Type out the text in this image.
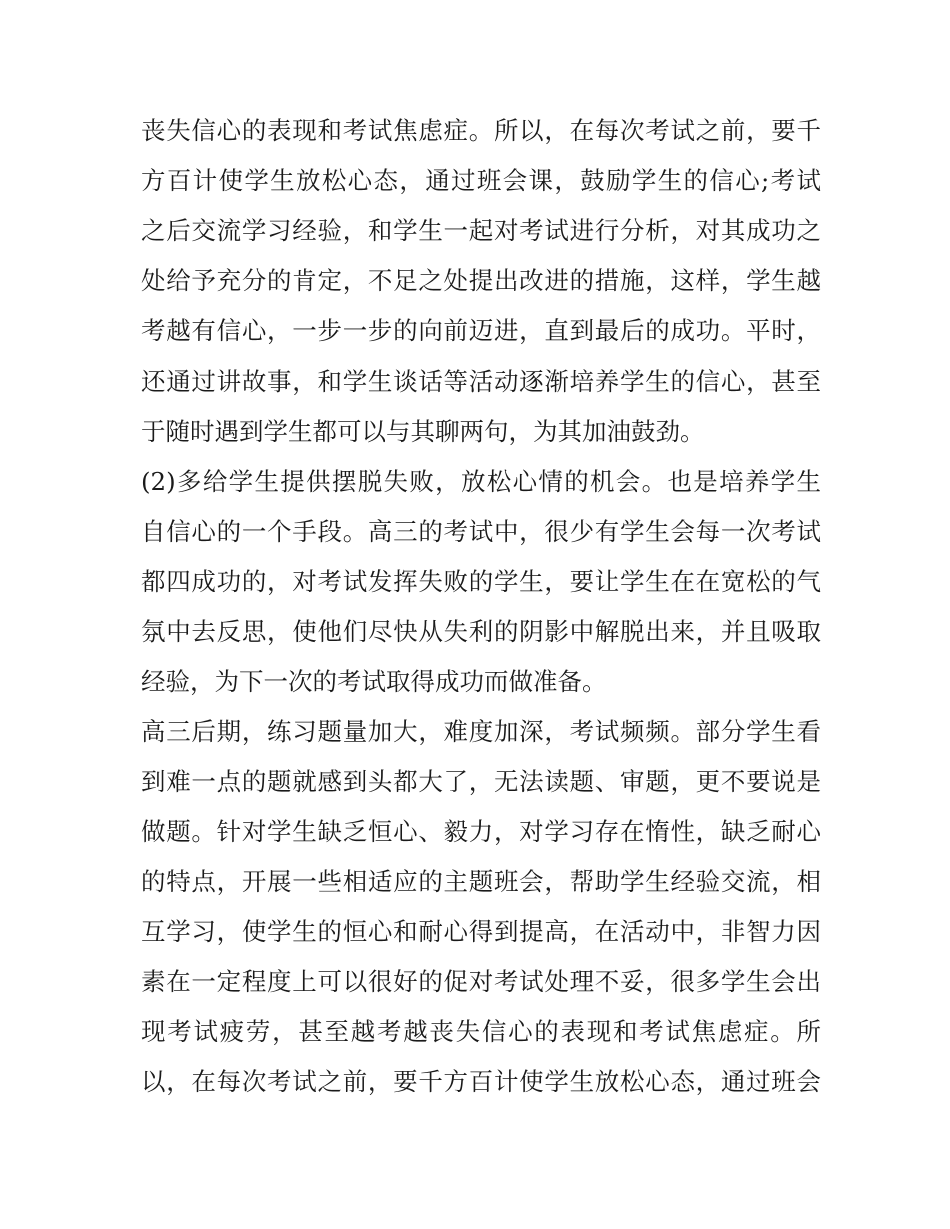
丧失信心的表现和考试焦虑症。所以，在每次考试之前，要千
方百计使学生放松心态，通过班会课，鼓励学生的信心;考试
之后交流学习经验，和学生一起对考试进行分析，对其成功之
处给予充分的肯定，不足之处提出改进的措施，这样，学生越
考越有信心，一步一步的向前迈进，直到最后的成功。平时，
还通过讲故事，和学生谈话等活动逐渐培养学生的信心，甚至
于随时遇到学生都可以与其聊两句，为其加油鼓劲。
(2)多给学生提供摆脱失败，放松心情的机会。也是培养学生
自信心的一个手段。高三的考试中，很少有学生会每一次考试
都四成功的，对考试发挥失败的学生，要让学生在在宽松的气
氛中去反思，使他们尽快从失利的阴影中解脱出来，并且吸取
经验，为下一次的考试取得成功而做准备。
高三后期，练习题量加大，难度加深，考试频频。部分学生看
到难一点的题就感到头都大了，无法读题、审题，更不要说是
做题。针对学生缺乏恒心、毅力，对学习存在惰性，缺乏耐心
的特点，开展一些相适应的主题班会，帮助学生经验交流，相
互学习，使学生的恒心和耐心得到提高，在活动中，非智力因
素在一定程度上可以很好的促对考试处理不妥，很多学生会出
现考试疲劳，甚至越考越丧失信心的表现和考试焦虑症。所
以，在每次考试之前，要千方百计使学生放松心态，通过班会
